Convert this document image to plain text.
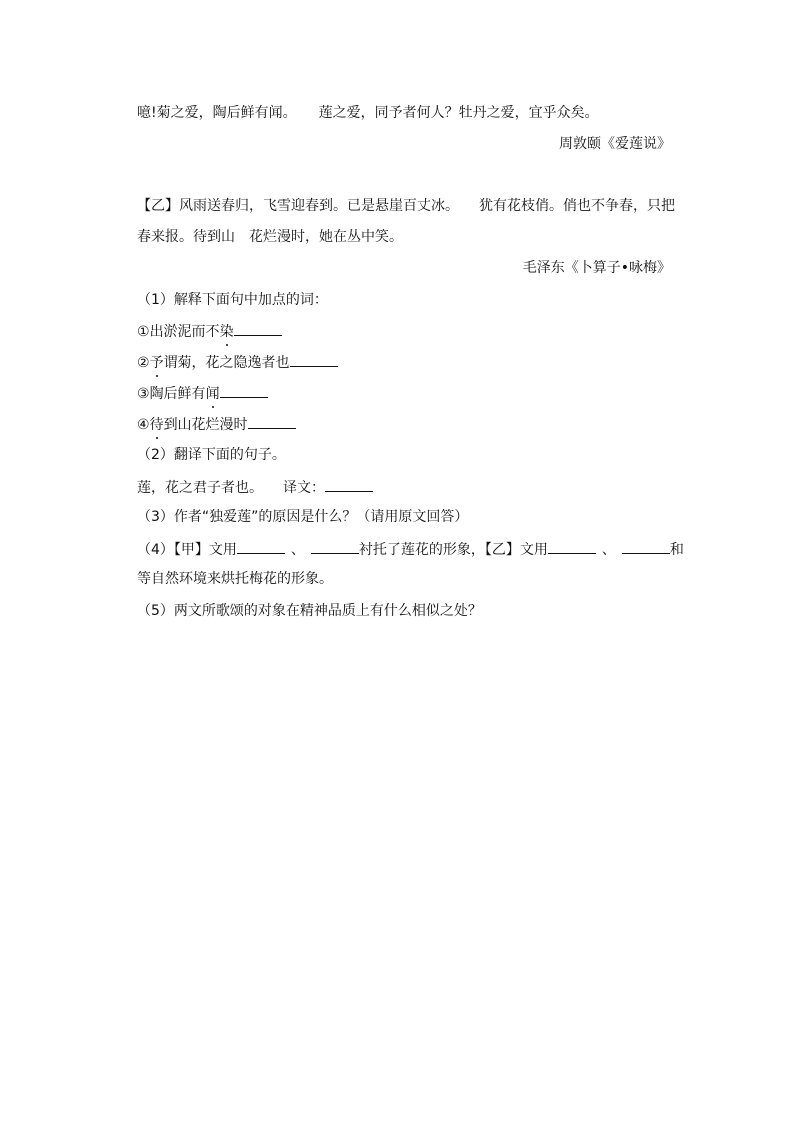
噫!菊之爱，陶后鲜有闻。 莲之爱，同予者何人？牡丹之爱，宜乎众矣。
周敦颐《爱莲说》
【乙】风雨送春归，飞雪迎春到。已是悬崖百丈冰。 犹有花枝俏。俏也不争春，只把
春来报。待到山 花烂漫时，她在丛中笑。
毛泽东《卜算子•咏梅》
（1）解释下面句中加点的词：
①出淤泥而不染
②予谓菊，花之隐逸者也
③陶后鲜有闻
④待到山花烂漫时
（2）翻译下面的句子。
莲，花之君子者也。 译文：
（3）作者“独爱莲”的原因是什么？（请用原文回答）
（4）【甲】文用	、	衬托了莲花的形象，【乙】文用	、	和
等自然环境来烘托梅花的形象。
（5）两文所歌颂的对象在精神品质上有什么相似之处？
